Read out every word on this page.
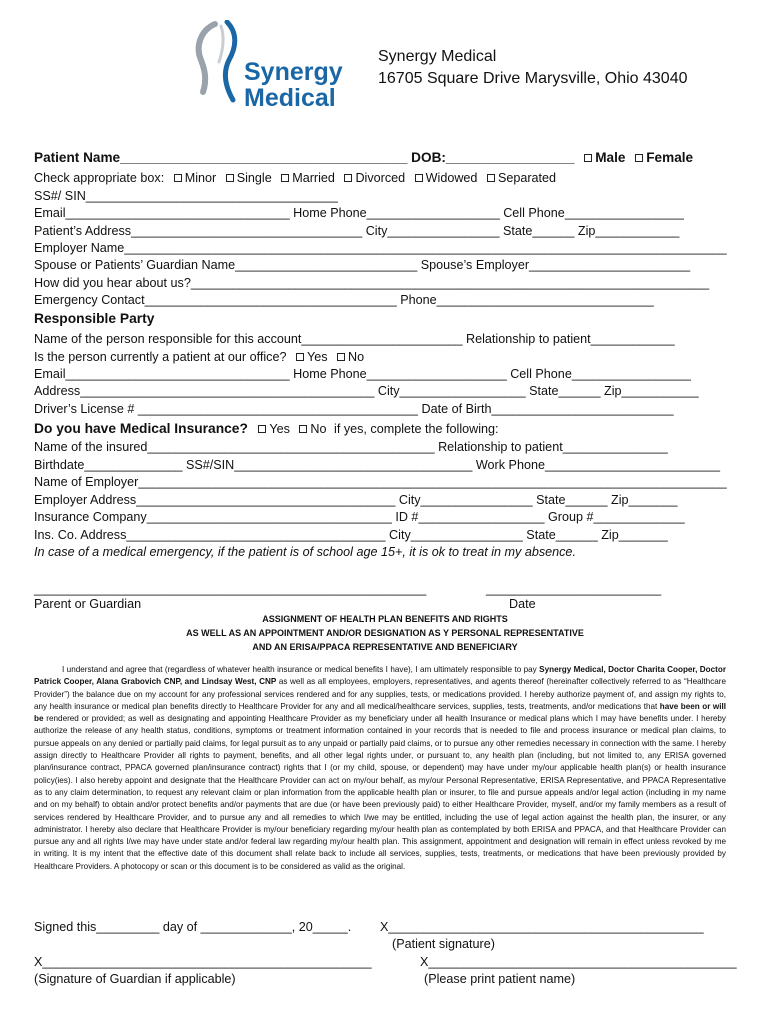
Synergy
Medical
Synergy Medical
16705 Square Drive Marysville, Ohio 43040
Patient Name______________________________________ DOB:_________________ Male Female
Check appropriate box: Minor Single Married Divorced Widowed Separated
SS#/ SIN____________________________________
Email________________________________ Home Phone___________________ Cell Phone_________________
Patient’s Address_________________________________ City________________ State______ Zip____________
Employer Name______________________________________________________________________________________
Spouse or Patients’ Guardian Name__________________________ Spouse’s Employer_______________________
How did you hear about us?__________________________________________________________________________
Emergency Contact____________________________________ Phone_______________________________
Responsible Party
Name of the person responsible for this account_______________________ Relationship to patient____________
Is the person currently a patient at our office? Yes No
Email________________________________ Home Phone____________________ Cell Phone_________________
Address__________________________________________ City__________________ State______ Zip___________
Driver’s License # ________________________________________ Date of Birth__________________________
Do you have Medical Insurance? Yes No if yes, complete the following:
Name of the insured_________________________________________ Relationship to patient_______________
Birthdate______________ SS#/SIN__________________________________ Work Phone_________________________
Name of Employer____________________________________________________________________________________
Employer Address_____________________________________ City________________ State______ Zip_______
Insurance Company___________________________________ ID #__________________ Group #_____________
Ins. Co. Address_____________________________________ City________________ State______ Zip_______
In case of a medical emergency, if the patient is of school age 15+, it is ok to treat in my absence.
________________________________________________________	_________________________
Parent or Guardian	Date
ASSIGNMENT OF HEALTH PLAN BENEFITS AND RIGHTS
AS WELL AS AN APPOINTMENT AND/OR DESIGNATION AS Y PERSONAL REPRESENTATIVE
AND AN ERISA/PPACA REPRESENTATIVE AND BENEFICIARY

I understand and agree that (regardless of whatever health insurance or medical benefits I have), I am ultimately responsible to pay Synergy Medical, Doctor Charita Cooper, Doctor Patrick Cooper, Alana Grabovich CNP, and Lindsay West, CNP as well as all employees, employers, representatives, and agents thereof (hereinafter collectively referred to as “Healthcare Provider”) the balance due on my account for any professional services rendered and for any supplies, tests, or medications provided. I hereby authorize payment of, and assign my rights to, any health insurance or medical plan benefits directly to Healthcare Provider for any and all medical/healthcare services, supplies, tests, treatments, and/or medications that have been or will be rendered or provided; as well as designating and appointing Healthcare Provider as my beneficiary under all health Insurance or medical plans which I may have benefits under. I hereby authorize the release of any health status, conditions, symptoms or treatment information contained in your records that is needed to file and process insurance or medical plan claims, to pursue appeals on any denied or partially paid claims, for legal pursuit as to any unpaid or partially paid claims, or to pursue any other remedies necessary in connection with the same. I hereby assign directly to Healthcare Provider all rights to payment, benefits, and all other legal rights under, or pursuant to, any health plan (including, but not limited to, any ERISA governed plan/insurance contract, PPACA governed plan/insurance contract) rights that I (or my child, spouse, or dependent) may have under my/our applicable health plan(s) or health insurance policy(ies). I also hereby appoint and designate that the Healthcare Provider can act on my/our behalf, as my/our Personal Representative, ERISA Representative, and PPACA Representative as to any claim determination, to request any relevant claim or plan information from the applicable health plan or insurer, to file and pursue appeals and/or legal action (including in my name and on my behalf) to obtain and/or protect benefits and/or payments that are due (or have been previously paid) to either Healthcare Provider, myself, and/or my family members as a result of services rendered by Healthcare Provider, and to pursue any and all remedies to which I/we may be entitled, including the use of legal action against the health plan, the insurer, or any administrator. I hereby also declare that Healthcare Provider is my/our beneficiary regarding my/our health plan as contemplated by both ERISA and PPACA, and that Healthcare Provider can pursue any and all rights I/we may have under state and/or federal law regarding my/our health plan. This assignment, appointment and designation will remain in effect unless revoked by me in writing. It is my intent that the effective date of this document shall relate back to include all services, supplies, tests, treatments, or medications that have been previously provided by Healthcare Providers. A photocopy or scan or this document is to be considered as valid as the original.

Signed this_________ day of _____________, 20_____. X_____________________________________________
(Patient signature)
X_______________________________________________	X____________________________________________
(Signature of Guardian if applicable)	(Please print patient name)
